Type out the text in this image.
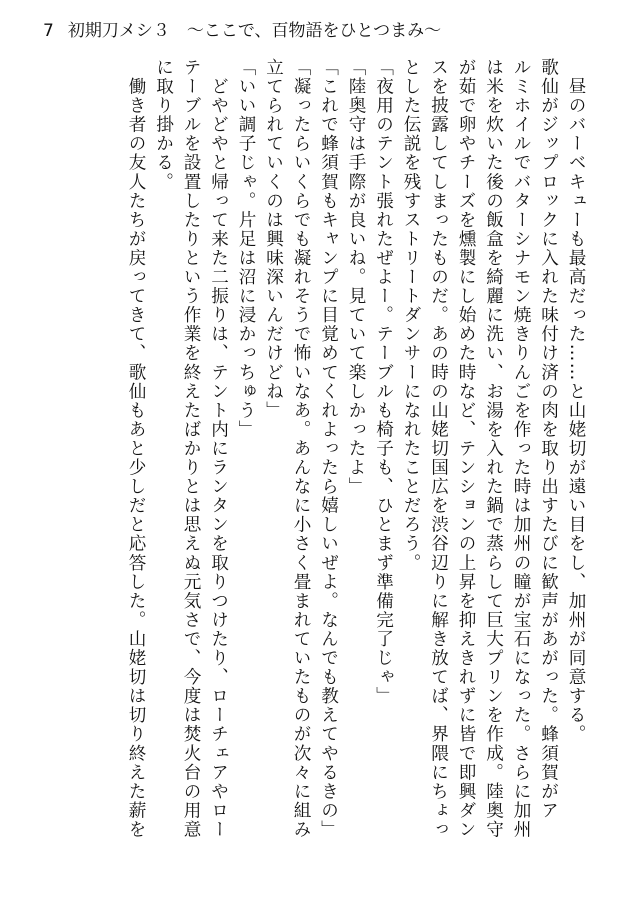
7 初期刀メシ３　～ここで、百物語をひとつまみ～
　昼のバーベキューも最高だった……と山姥切が遠い目をし、加州が同意する。
歌仙がジップロックに入れた味付け済の肉を取り出すたびに歓声があがった。蜂須賀がア
ルミホイルでバターシナモン焼きりんごを作った時は加州の瞳が宝石になった。さらに加州
は米を炊いた後の飯盒を綺麗に洗い、お湯を入れた鍋で蒸らして巨大プリンを作成。陸奥守
が茹で卵やチーズを燻製にし始めた時など、テンションの上昇を抑えきれずに皆で即興ダン
スを披露してしまったものだ。あの時の山姥切国広を渋谷辺りに解き放てば、界隈にちょっ
とした伝説を残すストリートダンサーになれたことだろう。
「夜用のテント張れたぜよー。テーブルも椅子も、ひとまず準備完了じゃ」
「陸奥守は手際が良いね。見ていて楽しかったよ」
「これで蜂須賀もキャンプに目覚めてくれよったら嬉しいぜよ。なんでも教えてやるきの」
「凝ったらいくらでも凝れそうで怖いなあ。あんなに小さく畳まれていたものが次々に組み
立てられていくのは興味深いんだけどね」
「いい調子じゃ。片足は沼に浸かっちゅう」
　どやどやと帰って来た二振りは、テント内にランタンを取りつけたり、ローチェアやロー
テーブルを設置したりという作業を終えたばかりとは思えぬ元気さで、今度は焚火台の用意
に取り掛かる。
　働き者の友人たちが戻ってきて、歌仙もあと少しだと応答した。山姥切は切り終えた薪を
